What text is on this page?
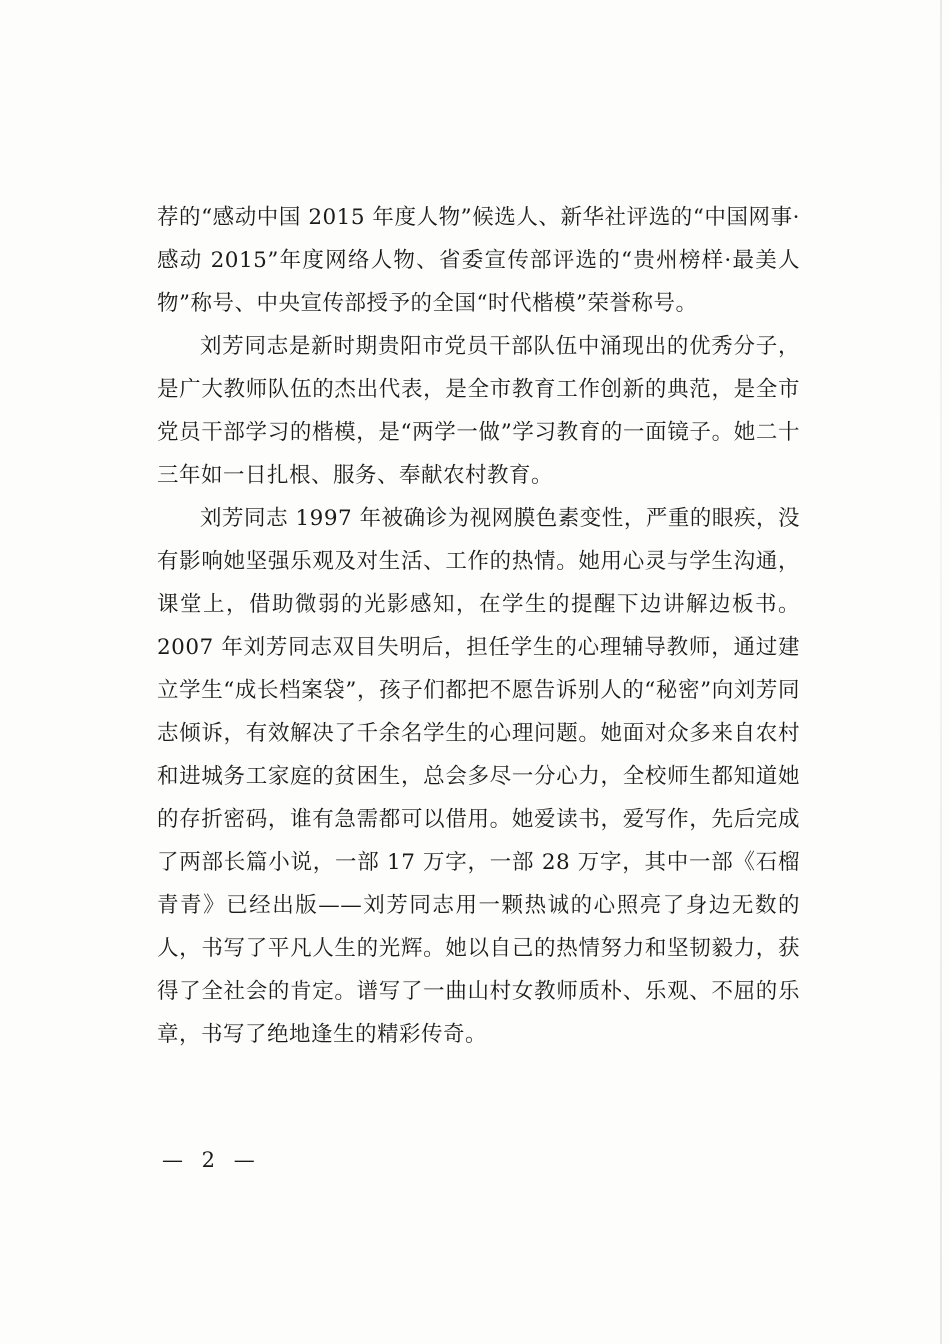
荐的“感动中国 2015 年度人物”候选人、新华社评选的“中国网事·感动 2015”年度网络人物、省委宣传部评选的“贵州榜样·最美人物”称号、中央宣传部授予的全国“时代楷模”荣誉称号。

刘芳同志是新时期贵阳市党员干部队伍中涌现出的优秀分子，是广大教师队伍的杰出代表，是全市教育工作创新的典范，是全市党员干部学习的楷模，是“两学一做”学习教育的一面镜子。她二十三年如一日扎根、服务、奉献农村教育。

刘芳同志 1997 年被确诊为视网膜色素变性，严重的眼疾，没有影响她坚强乐观及对生活、工作的热情。她用心灵与学生沟通，课堂上，借助微弱的光影感知，在学生的提醒下边讲解边板书。2007 年刘芳同志双目失明后，担任学生的心理辅导教师，通过建立学生“成长档案袋”，孩子们都把不愿告诉别人的“秘密”向刘芳同志倾诉，有效解决了千余名学生的心理问题。她面对众多来自农村和进城务工家庭的贫困生，总会多尽一分心力，全校师生都知道她的存折密码，谁有急需都可以借用。她爱读书，爱写作，先后完成了两部长篇小说，一部 17 万字，一部 28 万字，其中一部《石榴青青》已经出版——刘芳同志用一颗热诚的心照亮了身边无数的人，书写了平凡人生的光辉。她以自己的热情努力和坚韧毅力，获得了全社会的肯定。谱写了一曲山村女教师质朴、乐观、不屈的乐章，书写了绝地逢生的精彩传奇。

— 2 —
